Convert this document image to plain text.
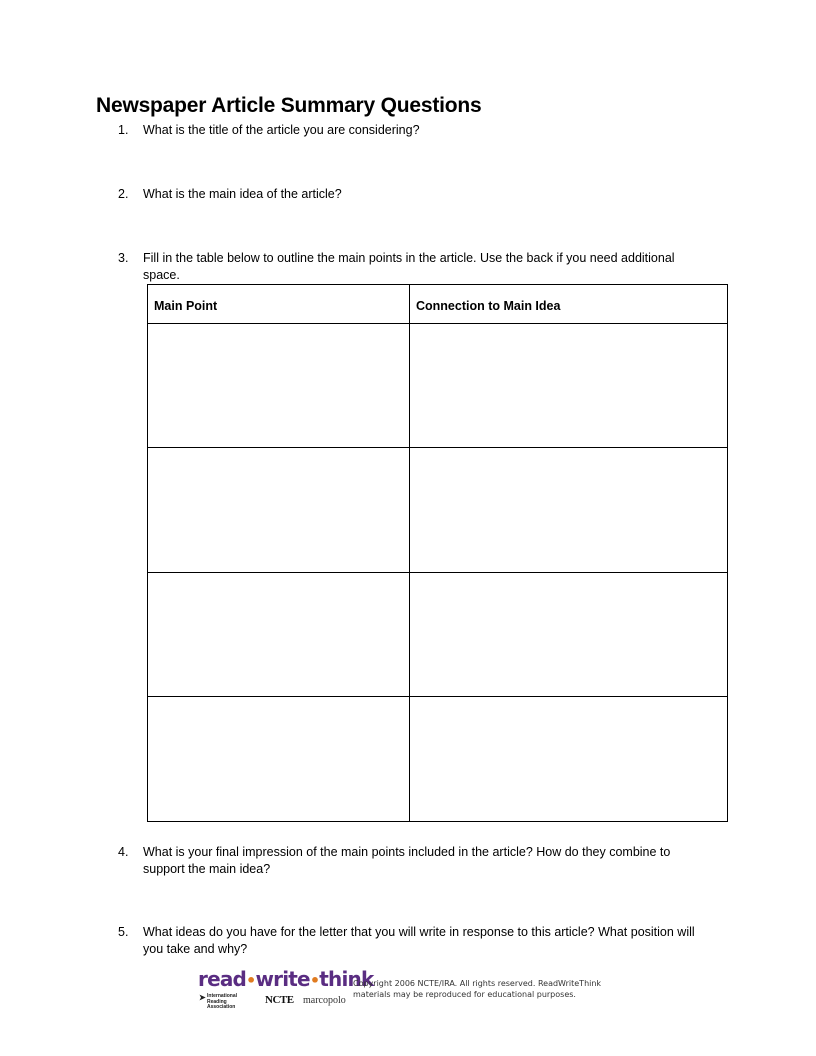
Newspaper Article Summary Questions
1.	What is the title of the article you are considering?
2.	What is the main idea of the article?
3.	Fill in the table below to outline the main points in the article. Use the back if you need additional space.
Main Point	Connection to Main Idea
4.	What is your final impression of the main points included in the article? How do they combine to support the main idea?
5.	What ideas do you have for the letter that you will write in response to this article? What position will you take and why?
read•write•think
➤ International
Reading Association
NCTE marcopolo
Copyright 2006 NCTE/IRA. All rights reserved. ReadWriteThink
materials may be reproduced for educational purposes.
